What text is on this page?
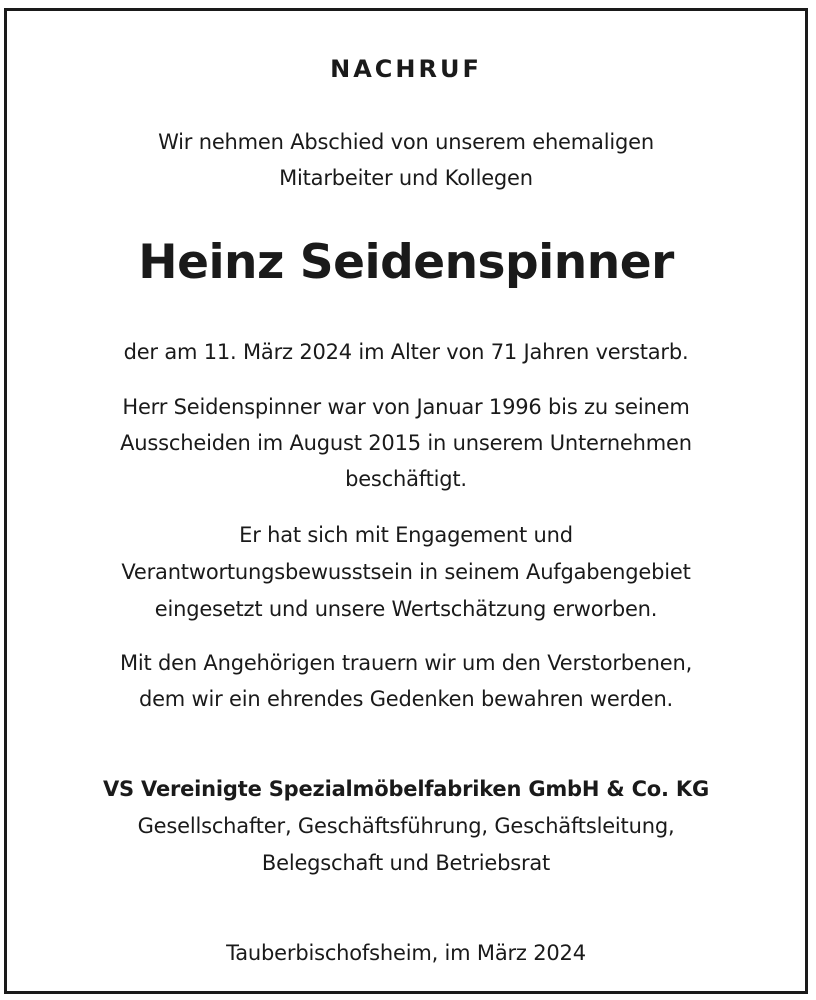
NACHRUF
Wir nehmen Abschied von unserem ehemaligen
Mitarbeiter und Kollegen
Heinz Seidenspinner
der am 11. März 2024 im Alter von 71 Jahren verstarb.
Herr Seidenspinner war von Januar 1996 bis zu seinem
Ausscheiden im August 2015 in unserem Unternehmen
beschäftigt.
Er hat sich mit Engagement und
Verantwortungsbewusstsein in seinem Aufgabengebiet
eingesetzt und unsere Wertschätzung erworben.
Mit den Angehörigen trauern wir um den Verstorbenen,
dem wir ein ehrendes Gedenken bewahren werden.
VS Vereinigte Spezialmöbelfabriken GmbH & Co. KG
Gesellschafter, Geschäftsführung, Geschäftsleitung,
Belegschaft und Betriebsrat
Tauberbischofsheim, im März 2024
